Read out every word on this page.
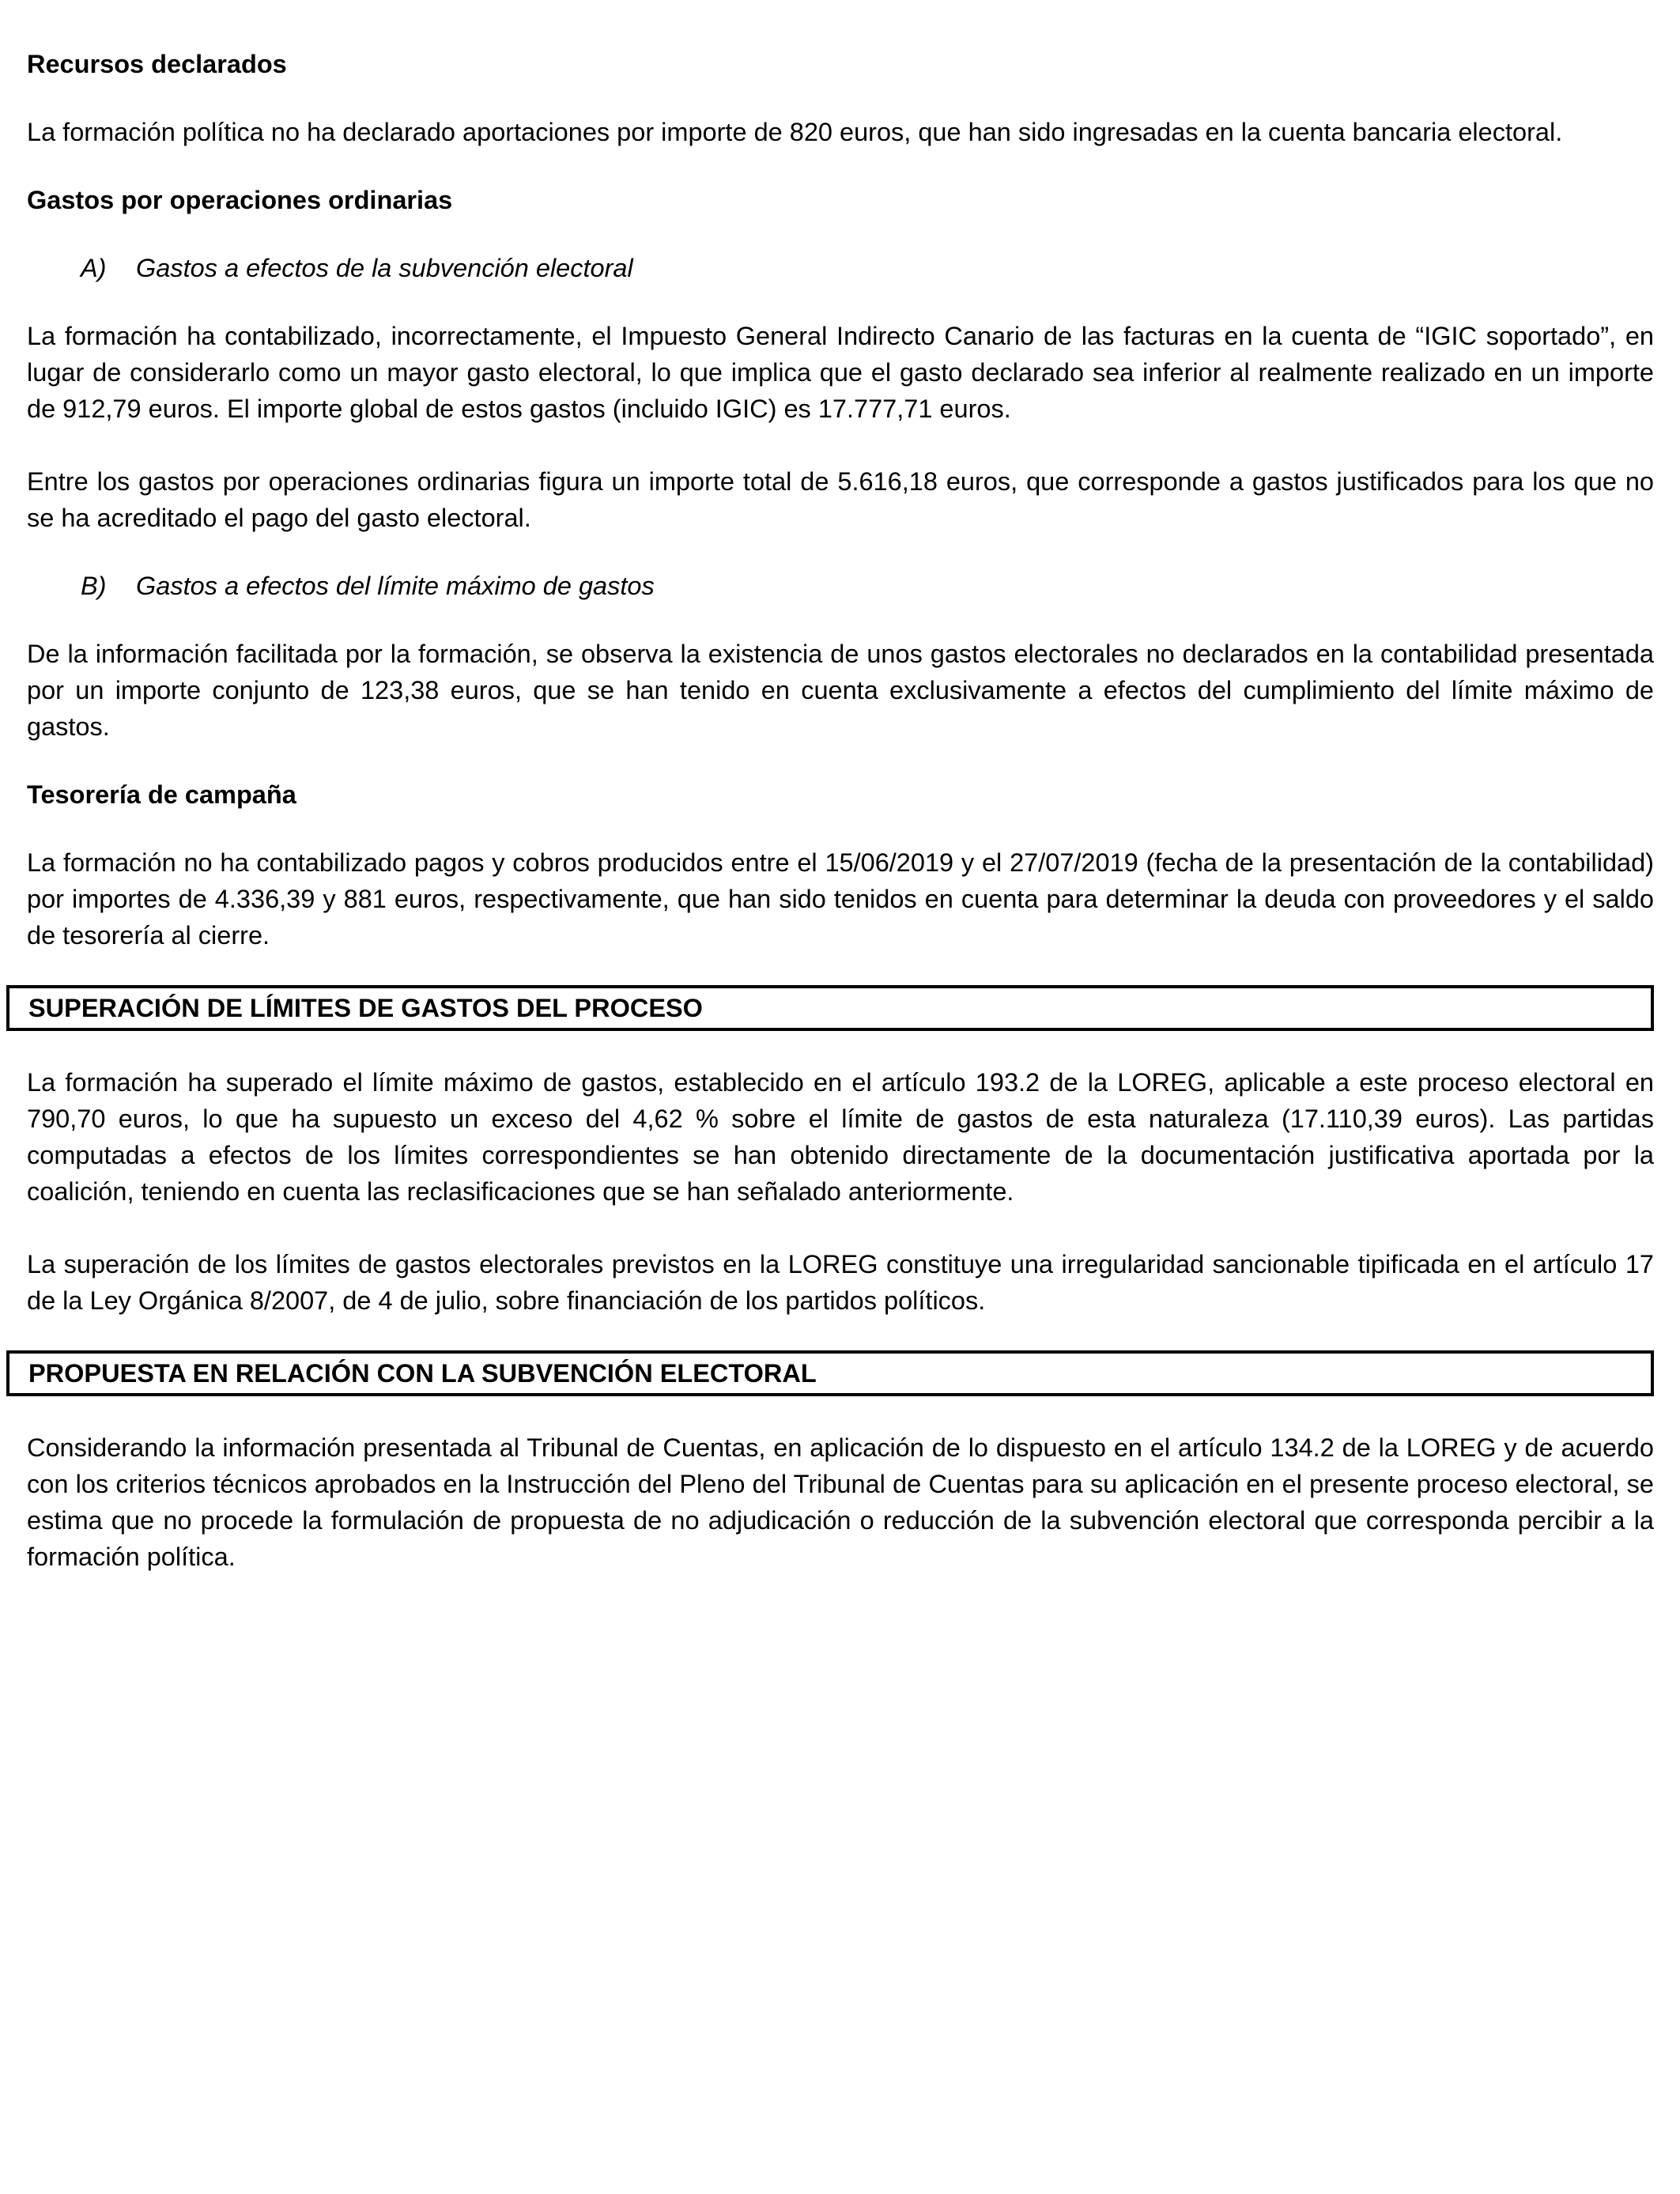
Recursos declarados
La formación política no ha declarado aportaciones por importe de 820 euros, que han sido ingresadas en la cuenta bancaria electoral.
Gastos por operaciones ordinarias
A)	Gastos a efectos de la subvención electoral
La formación ha contabilizado, incorrectamente, el Impuesto General Indirecto Canario de las facturas en la cuenta de “IGIC soportado”, en lugar de considerarlo como un mayor gasto electoral, lo que implica que el gasto declarado sea inferior al realmente realizado en un importe de 912,79 euros. El importe global de estos gastos (incluido IGIC) es 17.777,71 euros.
Entre los gastos por operaciones ordinarias figura un importe total de 5.616,18 euros, que corresponde a gastos justificados para los que no se ha acreditado el pago del gasto electoral.
B)	Gastos a efectos del límite máximo de gastos
De la información facilitada por la formación, se observa la existencia de unos gastos electorales no declarados en la contabilidad presentada por un importe conjunto de 123,38 euros, que se han tenido en cuenta exclusivamente a efectos del cumplimiento del límite máximo de gastos.
Tesorería de campaña
La formación no ha contabilizado pagos y cobros producidos entre el 15/06/2019 y el 27/07/2019 (fecha de la presentación de la contabilidad) por importes de 4.336,39 y 881 euros, respectivamente, que han sido tenidos en cuenta para determinar la deuda con proveedores y el saldo de tesorería al cierre.
SUPERACIÓN DE LÍMITES DE GASTOS DEL PROCESO
La formación ha superado el límite máximo de gastos, establecido en el artículo 193.2 de la LOREG, aplicable a este proceso electoral en 790,70 euros, lo que ha supuesto un exceso del 4,62 % sobre el límite de gastos de esta naturaleza (17.110,39 euros). Las partidas computadas a efectos de los límites correspondientes se han obtenido directamente de la documentación justificativa aportada por la coalición, teniendo en cuenta las reclasificaciones que se han señalado anteriormente.
La superación de los límites de gastos electorales previstos en la LOREG constituye una irregularidad sancionable tipificada en el artículo 17 de la Ley Orgánica 8/2007, de 4 de julio, sobre financiación de los partidos políticos.
PROPUESTA EN RELACIÓN CON LA SUBVENCIÓN ELECTORAL
Considerando la información presentada al Tribunal de Cuentas, en aplicación de lo dispuesto en el artículo 134.2 de la LOREG y de acuerdo con los criterios técnicos aprobados en la Instrucción del Pleno del Tribunal de Cuentas para su aplicación en el presente proceso electoral, se estima que no procede la formulación de propuesta de no adjudicación o reducción de la subvención electoral que corresponda percibir a la formación política.
